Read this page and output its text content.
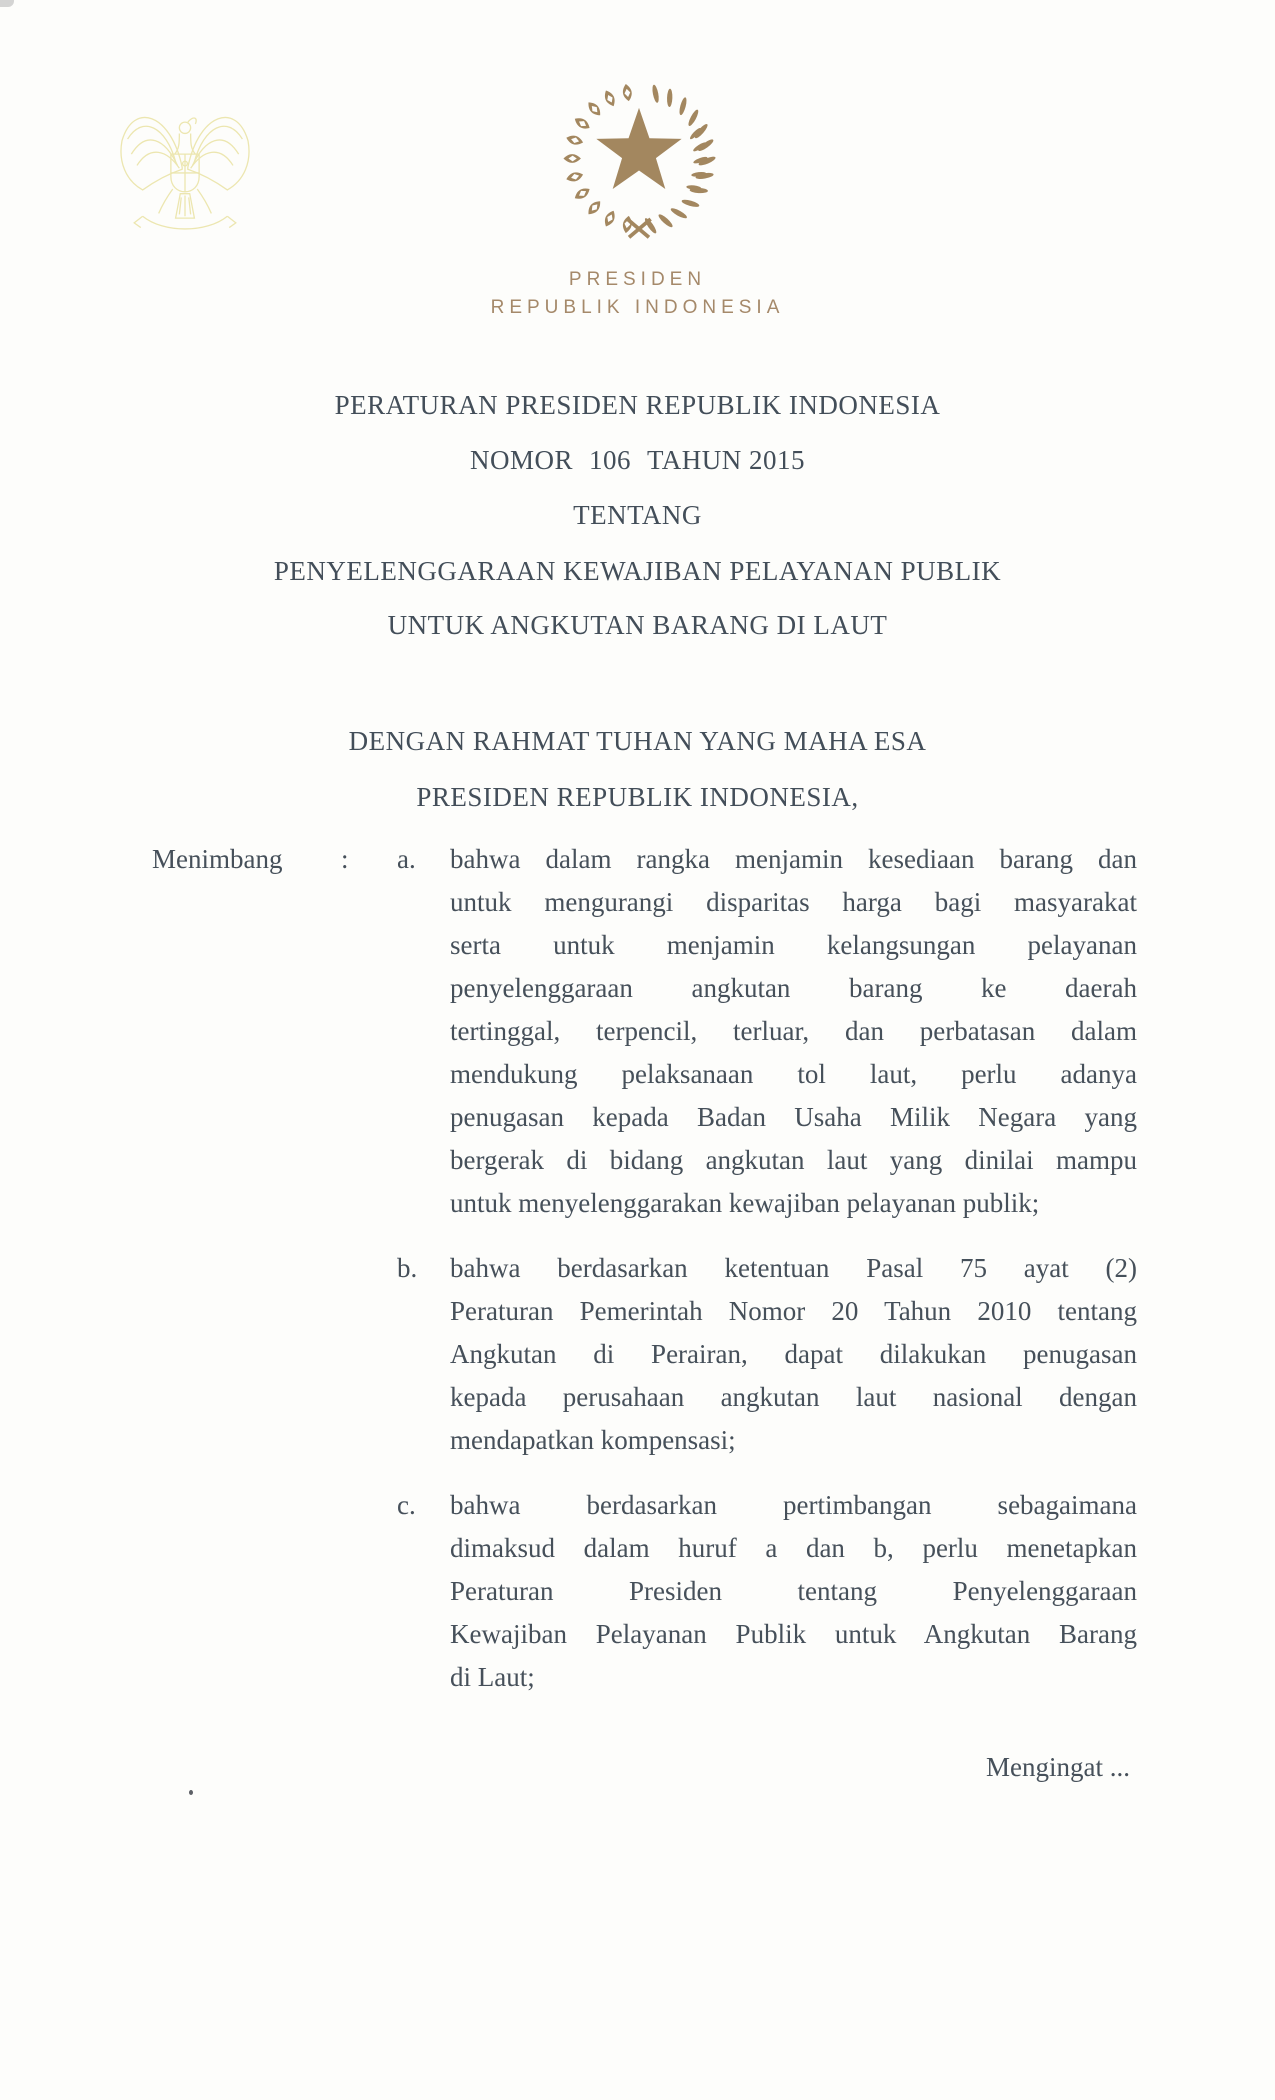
PRESIDEN
REPUBLIK INDONESIA
PERATURAN PRESIDEN REPUBLIK INDONESIA
NOMOR 106 TAHUN 2015
TENTANG
PENYELENGGARAAN KEWAJIBAN PELAYANAN PUBLIK
UNTUK ANGKUTAN BARANG DI LAUT
DENGAN RAHMAT TUHAN YANG MAHA ESA
PRESIDEN REPUBLIK INDONESIA,
Menimbang : a. bahwa dalam rangka menjamin kesediaan barang dan
untuk mengurangi disparitas harga bagi masyarakat
serta untuk menjamin kelangsungan pelayanan
penyelenggaraan angkutan barang ke daerah
tertinggal, terpencil, terluar, dan perbatasan dalam
mendukung pelaksanaan tol laut, perlu adanya
penugasan kepada Badan Usaha Milik Negara yang
bergerak di bidang angkutan laut yang dinilai mampu
untuk menyelenggarakan kewajiban pelayanan publik;
b. bahwa berdasarkan ketentuan Pasal 75 ayat (2)
Peraturan Pemerintah Nomor 20 Tahun 2010 tentang
Angkutan di Perairan, dapat dilakukan penugasan
kepada perusahaan angkutan laut nasional dengan
mendapatkan kompensasi;
c. bahwa berdasarkan pertimbangan sebagaimana
dimaksud dalam huruf a dan b, perlu menetapkan
Peraturan Presiden tentang Penyelenggaraan
Kewajiban Pelayanan Publik untuk Angkutan Barang
di Laut;
Mengingat ...
